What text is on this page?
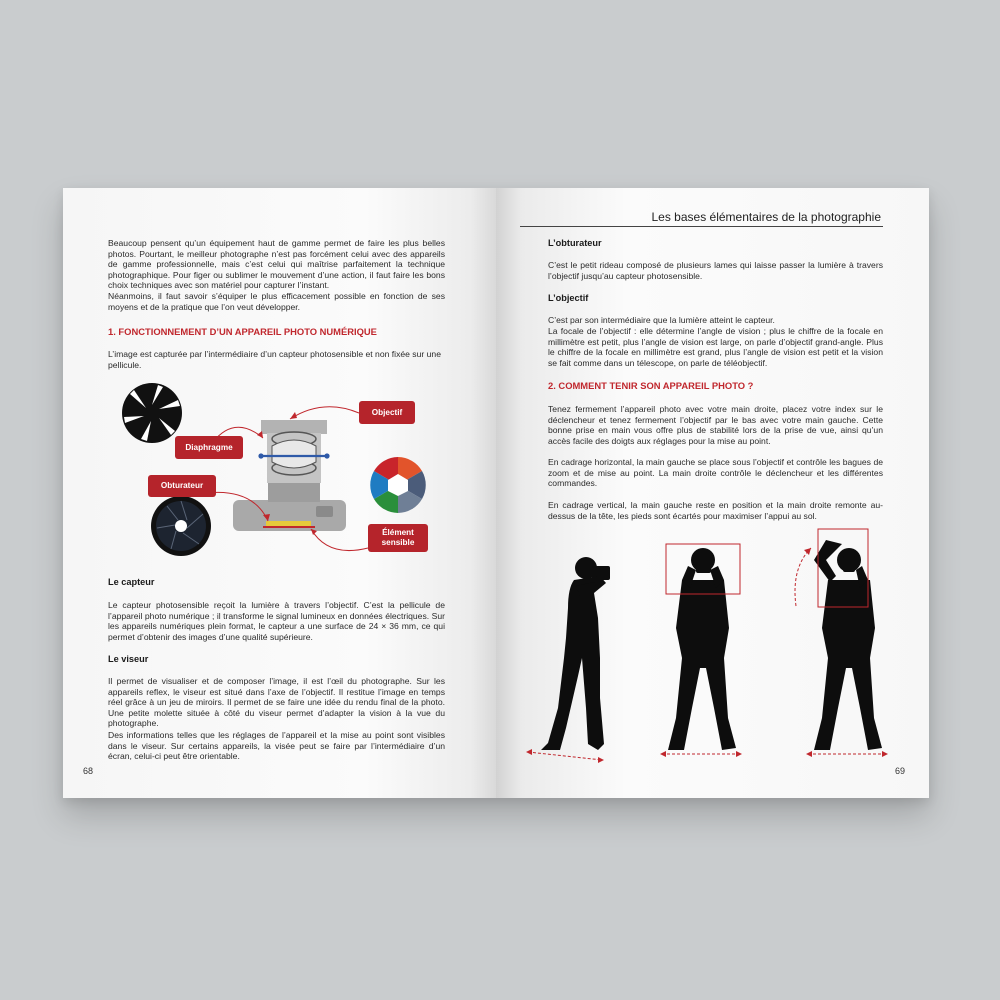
Beaucoup pensent qu’un équipement haut de gamme permet de faire les plus belles photos. Pourtant, le meilleur photographe n’est pas forcément celui avec des appareils de gamme professionnelle, mais c’est celui qui maîtrise parfaitement la technique photographique. Pour figer ou sublimer le mouvement d’une action, il faut faire les bons choix techniques avec son matériel pour capturer l’instant.

Néanmoins, il faut savoir s’équiper le plus efficacement possible en fonction de ses moyens et de la pratique que l’on veut développer.

1. FONCTIONNEMENT D’UN APPAREIL PHOTO NUMÉRIQUE

L’image est capturée par l’intermédiaire d’un capteur photosensible et non fixée sur une pellicule.

Objectif
Diaphragme
Obturateur
Élément sensible

Le capteur

Le capteur photosensible reçoit la lumière à travers l’objectif. C’est la pellicule de l’appareil photo numérique ; il transforme le signal lumineux en données électriques. Sur les appareils numériques plein format, le capteur a une surface de 24 × 36 mm, ce qui permet d’obtenir des images d’une qualité supérieure.

Le viseur

Il permet de visualiser et de composer l’image, il est l’œil du photographe. Sur les appareils reflex, le viseur est situé dans l’axe de l’objectif. Il restitue l’image en temps réel grâce à un jeu de miroirs. Il permet de se faire une idée du rendu final de la photo. Une petite molette située à côté du viseur permet d’adapter la vision à la vue du photographe.

Des informations telles que les réglages de l’appareil et la mise au point sont visibles dans le viseur. Sur certains appareils, la visée peut se faire par l’intermédiaire d’un écran, celui-ci peut être orientable.

68
Les bases élémentaires de la photographie

L’obturateur

C’est le petit rideau composé de plusieurs lames qui laisse passer la lumière à travers l’objectif jusqu’au capteur photosensible.

L’objectif

C’est par son intermédiaire que la lumière atteint le capteur.

La focale de l’objectif : elle détermine l’angle de vision ; plus le chiffre de la focale en millimètre est petit, plus l’angle de vision est large, on parle d’objectif grand-angle. Plus le chiffre de la focale en millimètre est grand, plus l’angle de vision est petit et la vision se fait comme dans un télescope, on parle de téléobjectif.

2. COMMENT TENIR SON APPAREIL PHOTO ?

Tenez fermement l’appareil photo avec votre main droite, placez votre index sur le déclencheur et tenez fermement l’objectif par le bas avec votre main gauche. Cette bonne prise en main vous offre plus de stabilité lors de la prise de vue, ainsi qu’un accès facile des doigts aux réglages pour la mise au point.

En cadrage horizontal, la main gauche se place sous l’objectif et contrôle les bagues de zoom et de mise au point. La main droite contrôle le déclencheur et les différentes commandes.

En cadrage vertical, la main gauche reste en position et la main droite remonte au-dessus de la tête, les pieds sont écartés pour maximiser l’appui au sol.

69
